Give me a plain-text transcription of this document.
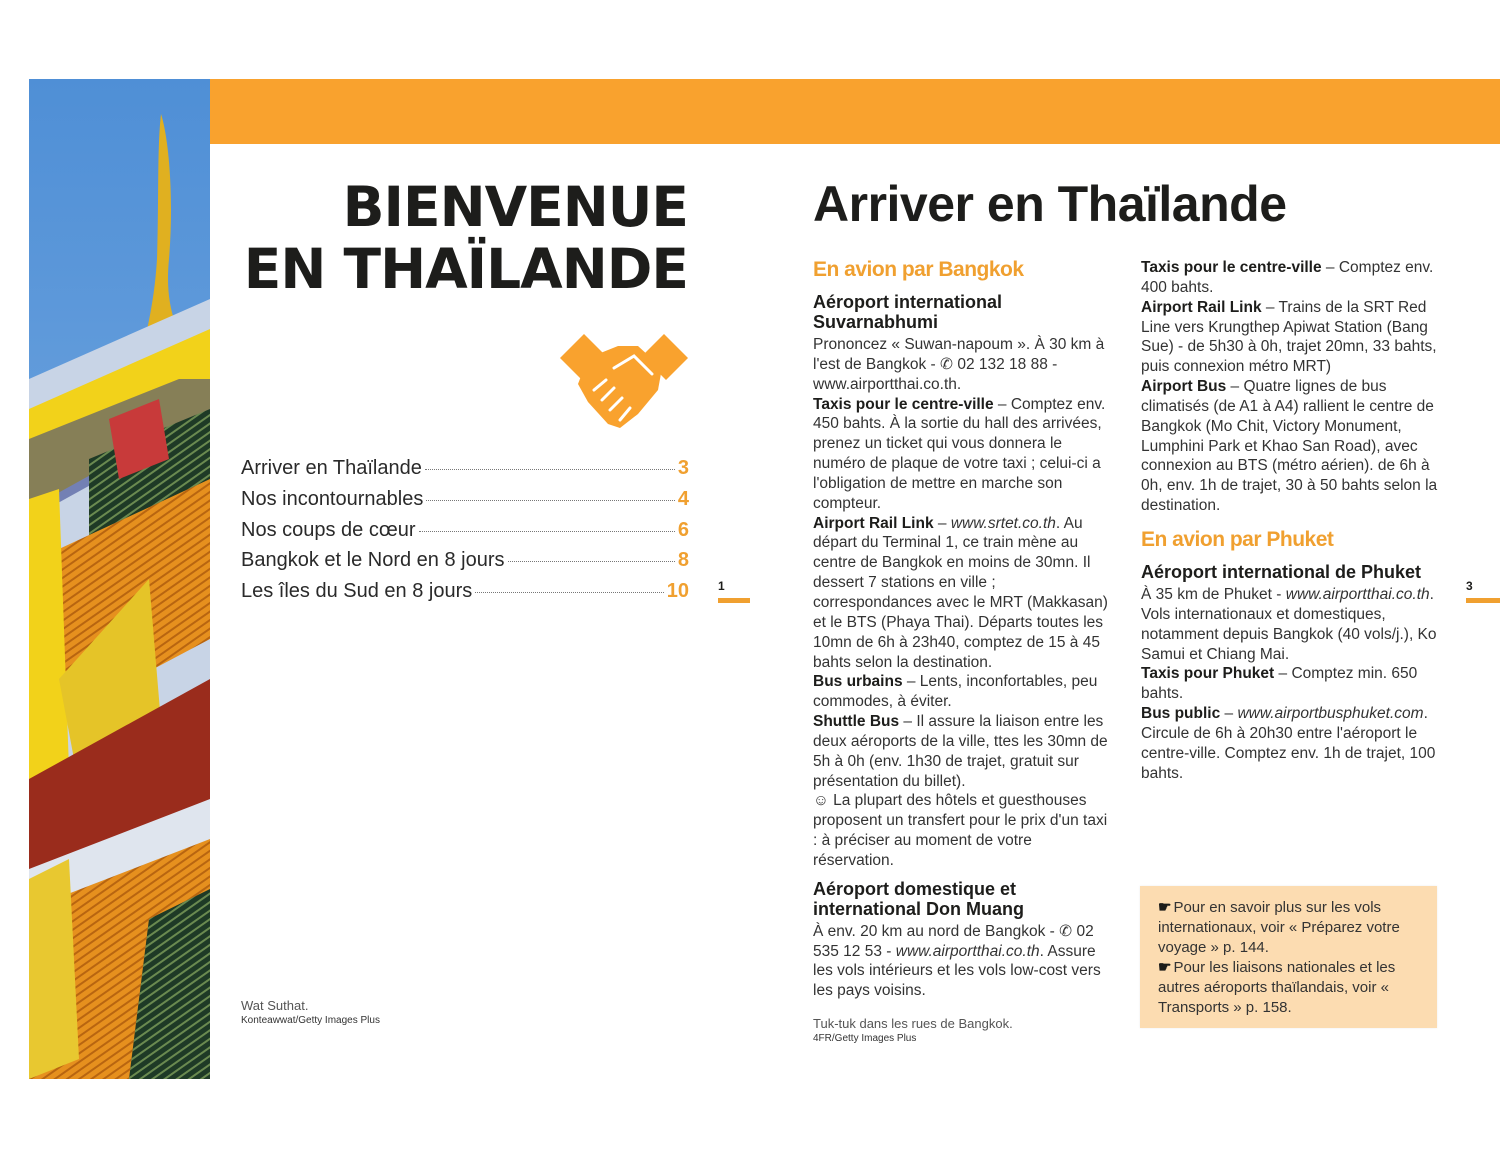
BIENVENUE
EN THAÏLANDE
Arriver en Thaïlande	3
Nos incontournables	4
Nos coups de cœur	6
Bangkok et le Nord en 8 jours	8
Les îles du Sud en 8 jours	10 1
Wat Suthat.
Konteawwat/Getty Images Plus
Arriver en Thaïlande
En avion par Bangkok
Aéroport international Suvarnabhumi

Prononcez « Suwan-napoum ». À 30 km à l'est de Bangkok - ✆ 02 132 18 88 - www.airportthai.co.th.

Taxis pour le centre-ville – Comptez env. 450 bahts. À la sortie du hall des arrivées, prenez un ticket qui vous donnera le numéro de plaque de votre taxi ; celui-ci a l'obligation de mettre en marche son compteur.

Airport Rail Link – www.srtet.co.th. Au départ du Terminal 1, ce train mène au centre de Bangkok en moins de 30mn. Il dessert 7 stations en ville ; correspondances avec le MRT (Makkasan) et le BTS (Phaya Thai). Départs toutes les 10mn de 6h à 23h40, comptez de 15 à 45 bahts selon la destination.

Bus urbains – Lents, inconfortables, peu commodes, à éviter.

Shuttle Bus – Il assure la liaison entre les deux aéroports de la ville, ttes les 30mn de 5h à 0h (env. 1h30 de trajet, gratuit sur présentation du billet).

☺ La plupart des hôtels et guesthouses proposent un transfert pour le prix d'un taxi : à préciser au moment de votre réservation.

Aéroport domestique et international Don Muang

À env. 20 km au nord de Bangkok - ✆ 02 535 12 53 - www.airportthai.co.th. Assure les vols intérieurs et les vols low-cost vers les pays voisins.

Taxis pour le centre-ville – Comptez env. 400 bahts.

Airport Rail Link – Trains de la SRT Red Line vers Krungthep Apiwat Station (Bang Sue) - de 5h30 à 0h, trajet 20mn, 33 bahts, puis connexion métro MRT)

Airport Bus – Quatre lignes de bus climatisés (de A1 à A4) rallient le centre de Bangkok (Mo Chit, Victory Monument, Lumphini Park et Khao San Road), avec connexion au BTS (métro aérien). de 6h à 0h, env. 1h de trajet, 30 à 50 bahts selon la destination.

En avion par Phuket
Aéroport international de Phuket

À 35 km de Phuket - www.airportthai.co.th. Vols internationaux et domestiques, notamment depuis Bangkok (40 vols/j.), Ko Samui et Chiang Mai.

Taxis pour Phuket – Comptez min. 650 bahts.

Bus public – www.airportbusphuket.com. Circule de 6h à 20h30 entre l'aéroport le centre-ville. Comptez env. 1h de trajet, 100 bahts.

☛ Pour en savoir plus sur les vols internationaux, voir « Préparez votre voyage » p. 144.

☛ Pour les liaisons nationales et les autres aéroports thaïlandais, voir « Transports » p. 158.

3
Tuk-tuk dans les rues de Bangkok.
4FR/Getty Images Plus
